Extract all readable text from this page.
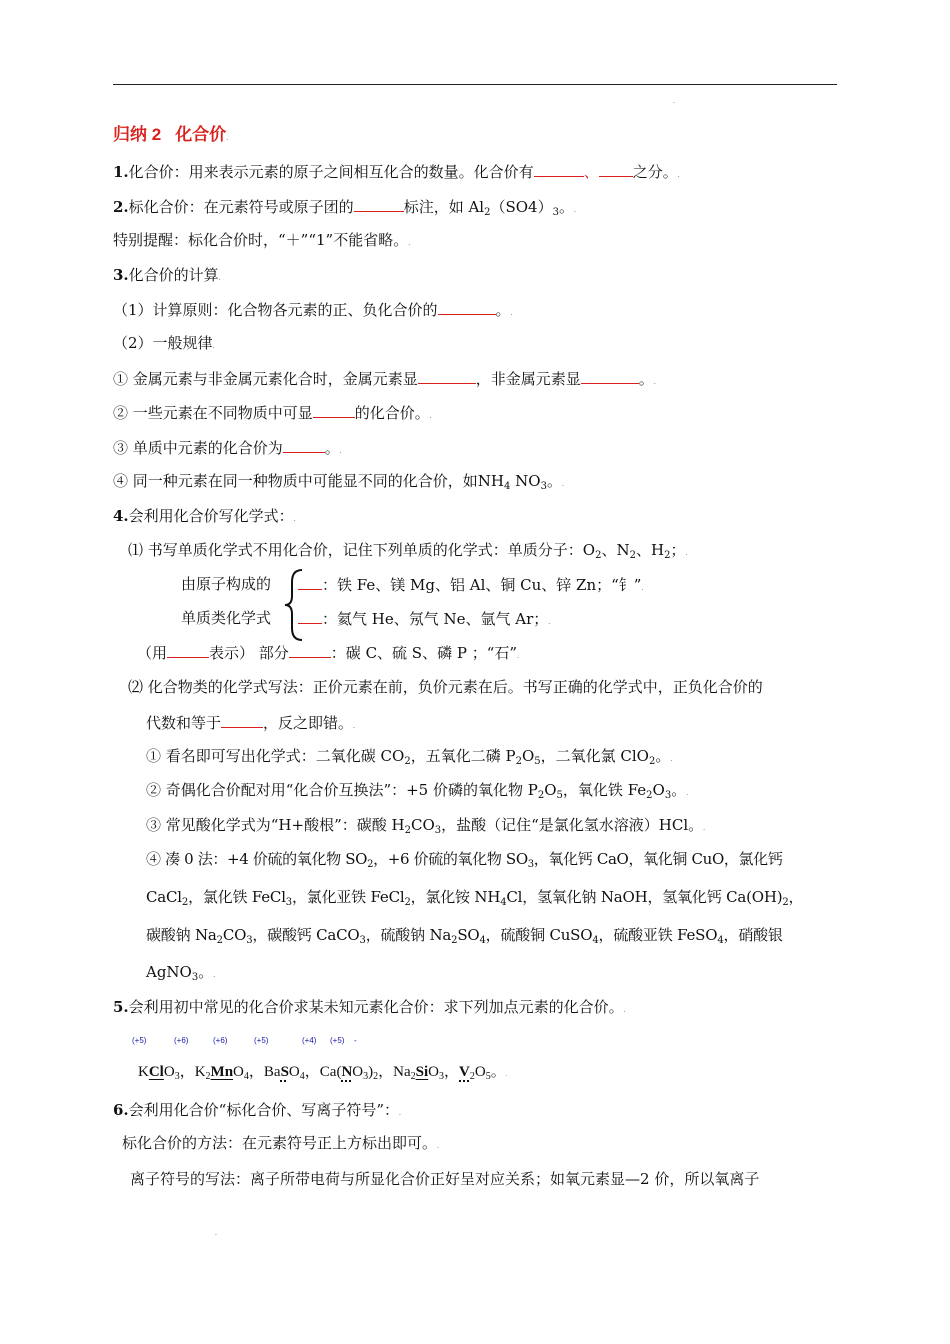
.
归纳 2 化合价.
1.化合价：用来表示元素的原子之间相互化合的数量。化合价有	、 之分。.
2.标化合价：在元素符号或原子团的	标注，如 $Al_2(SO4)_3$。.
特别提醒：标化合价时，“＋”“1”不能省略。.
3.化合价的计算.
（1）计算原则：化合物各元素的正、负化合价的	。.
（2）一般规律.
① 金属元素与非金属元素化合时，金属元素显	，非金属元素显	。.
② 一些元素在不同物质中可显	的化合价。.
③ 单质中元素的化合价为	。.
④ 同一种元素在同一种物质中可能显不同的化合价，如$NH_4$ $NO_3$。.
4.会利用化合价写化学式：.
⑴ 书写单质化学式不用化合价，记住下列单质的化学式：单质分子：$O_2$、$N_2$、$H_2$；.
由原子构成的	：铁 Fe、镁 Mg、铝 Al、铜 Cu、锌 Zn；“钅”.
单质类化学式	：氦气 He、氖气 Ne、氩气 Ar；.
（用	表示） 部分	：碳 C、硫 S、磷 P ；“石”.
⑵ 化合物类的化学式写法：正价元素在前，负价元素在后。书写正确的化学式中，正负化合价的
代数和等于	，反之即错。.
① 看名即可写出化学式：二氧化碳 $CO_2$，五氧化二磷 $P_2O_5$，二氧化氯 ClO$_2$。.
② 奇偶化合价配对用“化合价互换法”：+5 价磷的氧化物 $P_2O_5$，氧化铁 $Fe_2O_3$。.
③ 常见酸化学式为“H+酸根”：碳酸 $H_2CO_3$，盐酸（记住“是氯化氢水溶液）HCl。.
④ 凑 0 法：+4 价硫的氧化物 $SO_2$，+6 价硫的氧化物 $SO_3$，氧化钙 CaO，氧化铜 CuO，氯化钙
CaCl$_2$，氯化铁 FeCl$_3$，氯化亚铁 FeCl$_2$，氯化铵 $NH_4Cl$，氢氧化钠 NaOH，氢氧化钙 $Ca(OH)_2$，
碳酸钠 $Na_2CO_3$，碳酸钙 CaCO$_3$，硫酸钠 $Na_2SO_4$，硫酸铜 CuSO$_4$，硫酸亚铁 FeSO$_4$，硝酸银
AgNO$_3$。.
5.会利用初中常见的化合价求某未知元素化合价：求下列加点元素的化合价。.
(+5)	(+6)	(+6)	(+5)	(+4) (+5) -
KClO$_3$，$K_2MnO_4$，BaSO$_4$，$Ca(NO_3)_2$，$Na_2SiO_3$，$V_2O_5$。.
6.会利用化合价“标化合价、写离子符号”：.
标化合价的方法：在元素符号正上方标出即可。.
离子符号的写法：离子所带电荷与所显化合价正好呈对应关系；如氧元素显—2 价，所以氧离子
.
